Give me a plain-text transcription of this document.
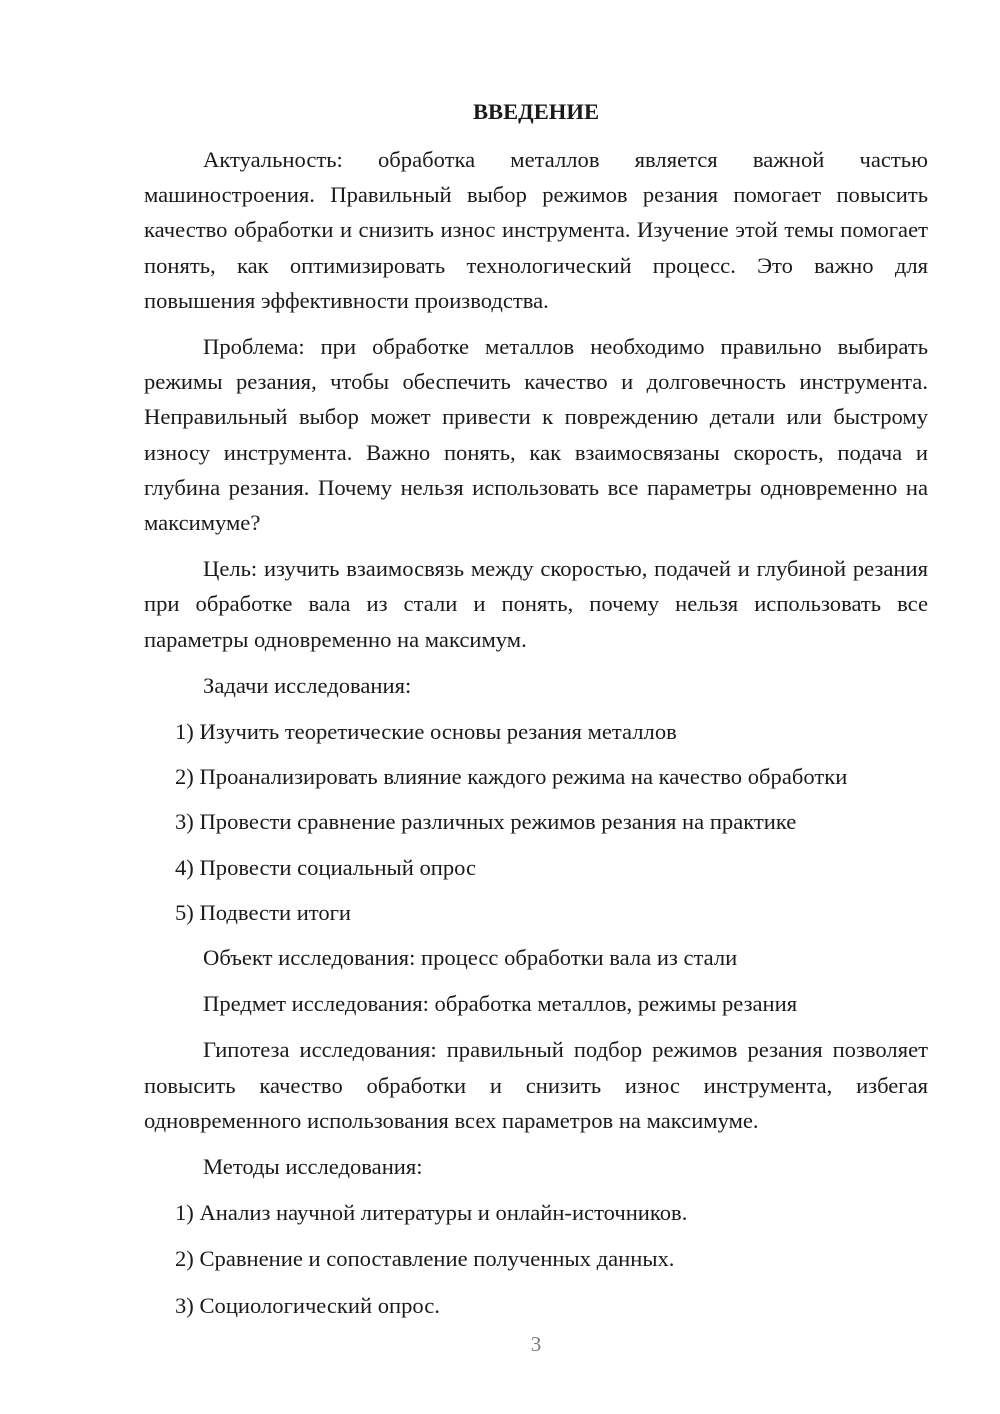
ВВЕДЕНИЕ

Актуальность: обработка металлов является важной частью машиностроения. Правильный выбор режимов резания помогает повысить качество обработки и снизить износ инструмента. Изучение этой темы помогает понять, как оптимизировать технологический процесс. Это важно для повышения эффективности производства.

Проблема: при обработке металлов необходимо правильно выбирать режимы резания, чтобы обеспечить качество и долговечность инструмента. Неправильный выбор может привести к повреждению детали или быстрому износу инструмента. Важно понять, как взаимосвязаны скорость, подача и глубина резания. Почему нельзя использовать все параметры одновременно на максимуме?

Цель: изучить взаимосвязь между скоростью, подачей и глубиной резания при обработке вала из стали и понять, почему нельзя использовать все параметры одновременно на максимум.

Задачи исследования:

1) Изучить теоретические основы резания металлов
2) Проанализировать влияние каждого режима на качество обработки
3) Провести сравнение различных режимов резания на практике
4) Провести социальный опрос
5) Подвести итоги

Объект исследования: процесс обработки вала из стали

Предмет исследования: обработка металлов, режимы резания

Гипотеза исследования: правильный подбор режимов резания позволяет повысить качество обработки и снизить износ инструмента, избегая одновременного использования всех параметров на максимуме.

Методы исследования:

1) Анализ научной литературы и онлайн-источников.
2) Сравнение и сопоставление полученных данных.
3) Социологический опрос.
3
